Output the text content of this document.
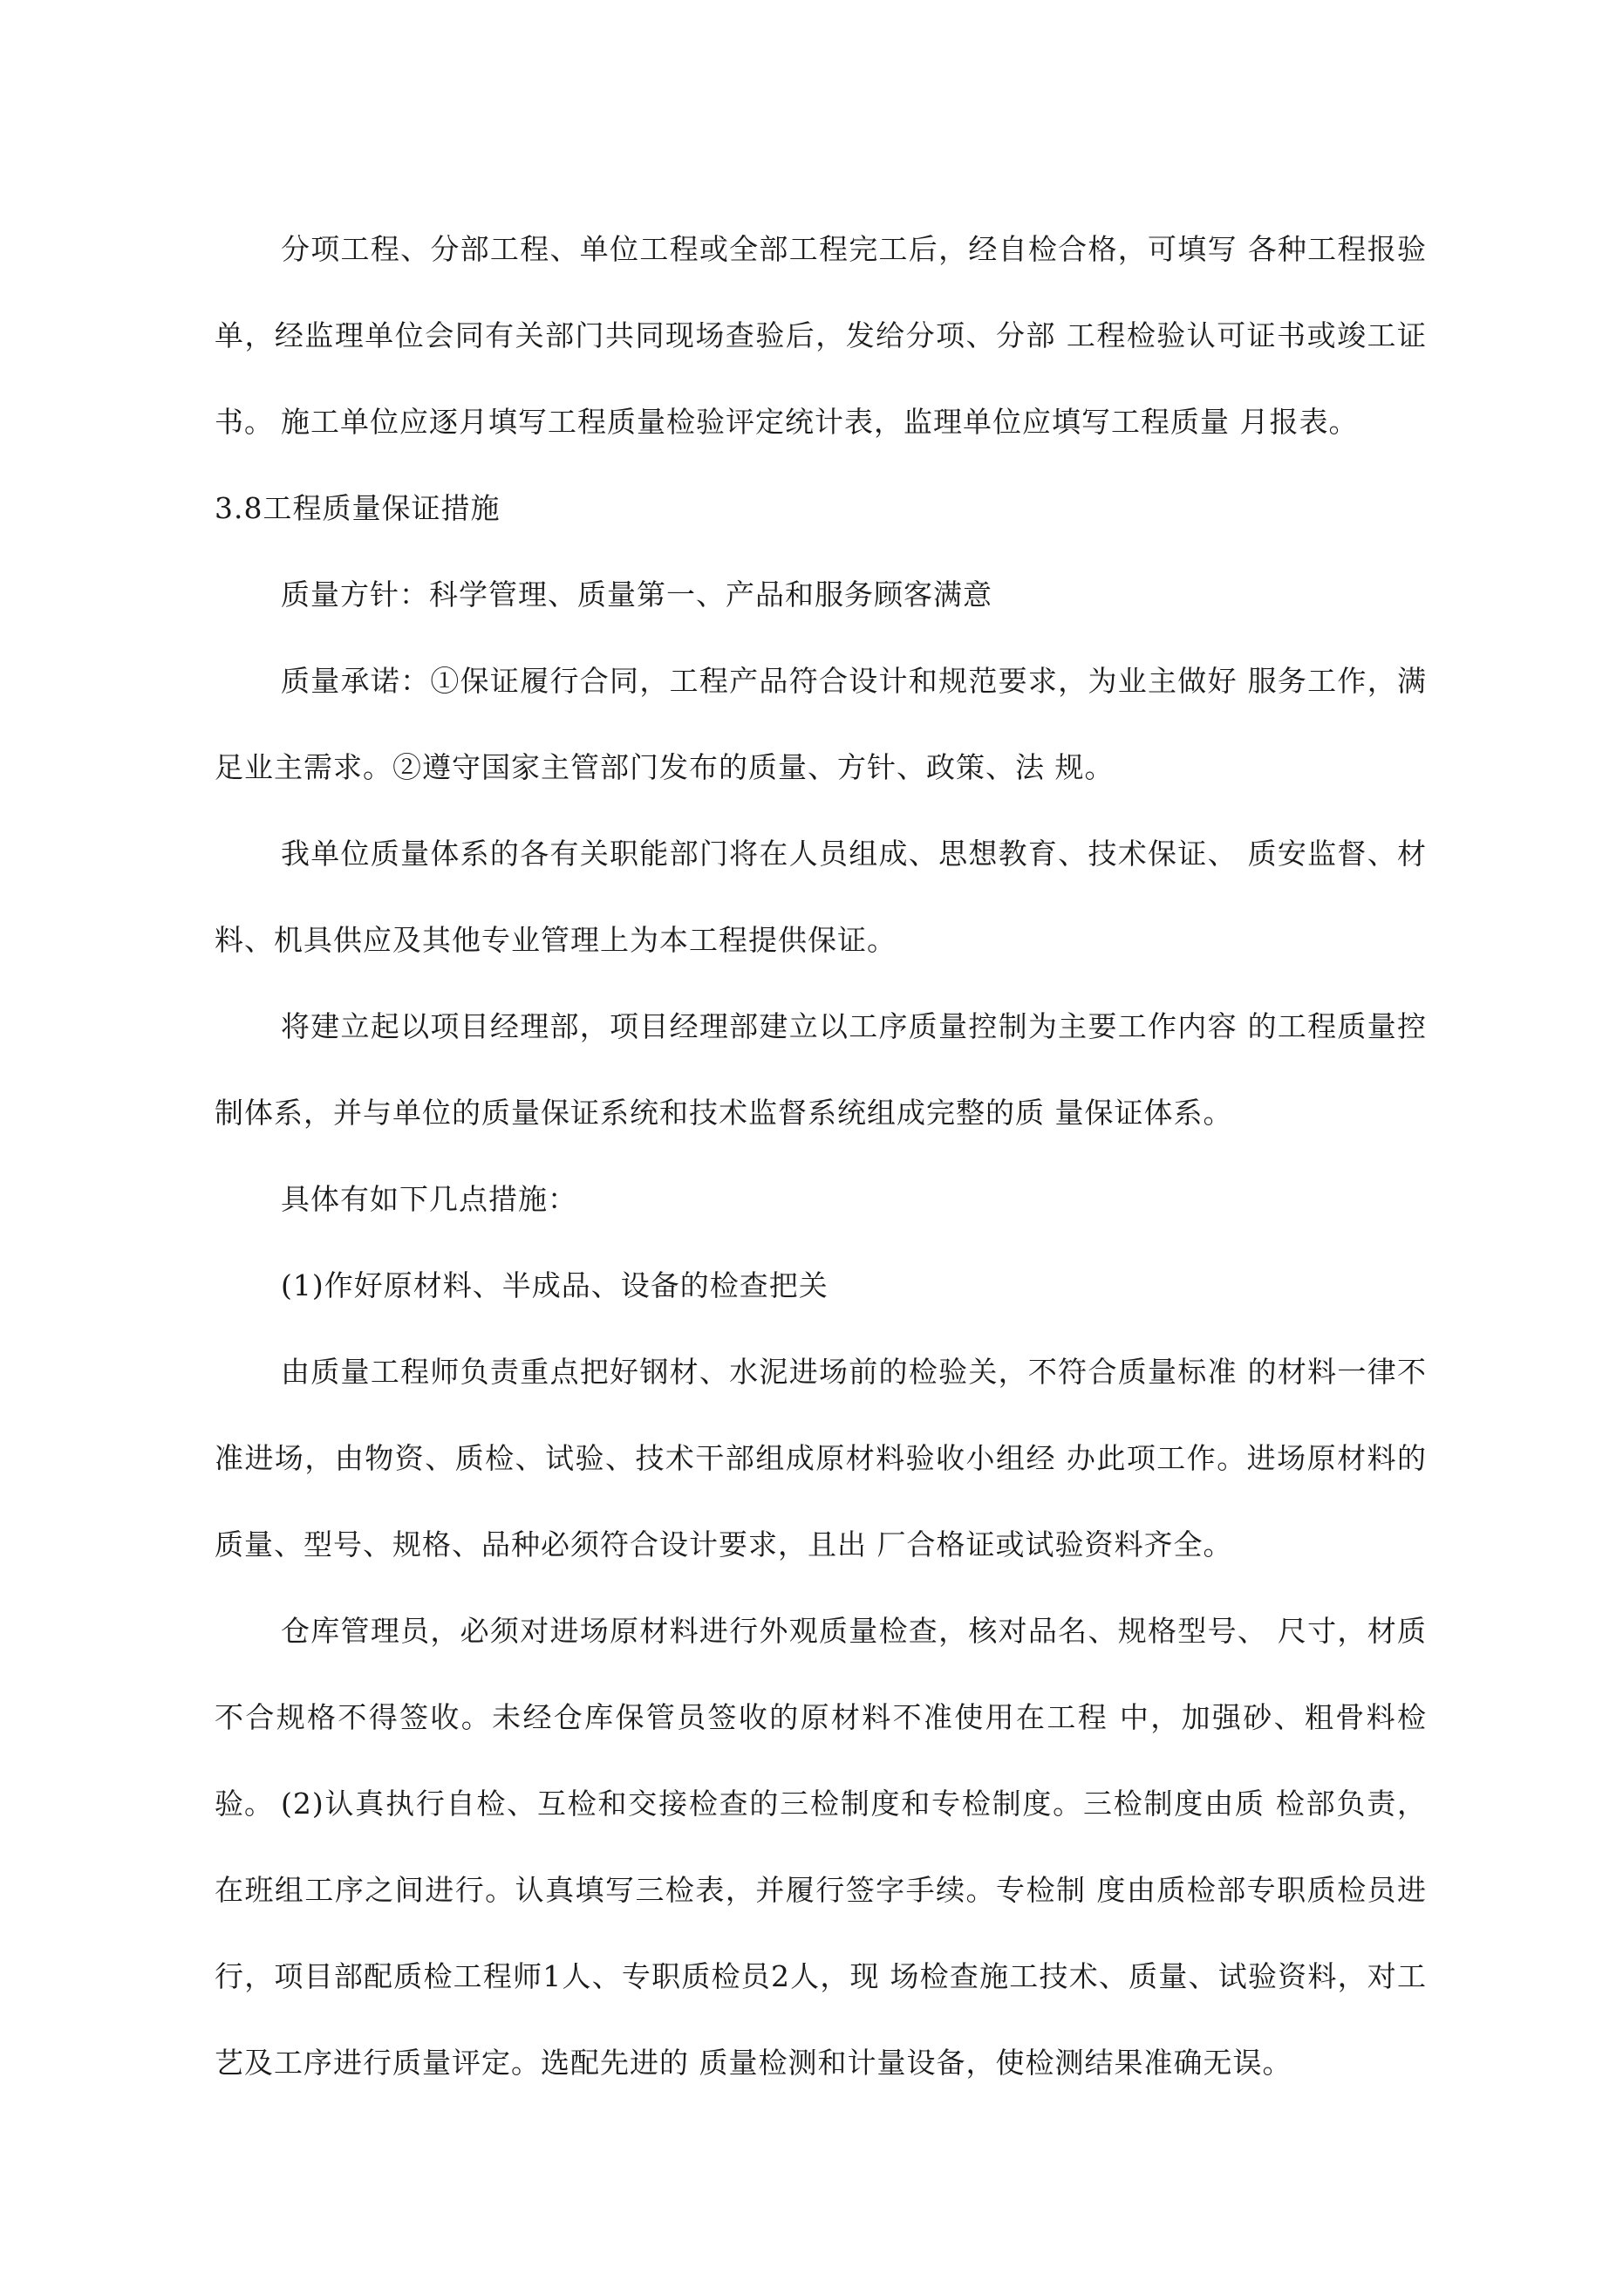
分项工程、分部工程、单位工程或全部工程完工后，经自检合格，可填写 各种工程报验单，经监理单位会同有关部门共同现场查验后，发给分项、分部 工程检验认可证书或竣工证书。 施工单位应逐月填写工程质量检验评定统计表，监理单位应填写工程质量 月报表。

3.8工程质量保证措施

质量方针：科学管理、质量第一、产品和服务顾客满意

质量承诺：①保证履行合同，工程产品符合设计和规范要求，为业主做好 服务工作，满足业主需求。②遵守国家主管部门发布的质量、方针、政策、法 规。

我单位质量体系的各有关职能部门将在人员组成、思想教育、技术保证、 质安监督、材料、机具供应及其他专业管理上为本工程提供保证。

将建立起以项目经理部，项目经理部建立以工序质量控制为主要工作内容 的工程质量控制体系，并与单位的质量保证系统和技术监督系统组成完整的质 量保证体系。

具体有如下几点措施：

(1)作好原材料、半成品、设备的检查把关

由质量工程师负责重点把好钢材、水泥进场前的检验关，不符合质量标准 的材料一律不准进场，由物资、质检、试验、技术干部组成原材料验收小组经 办此项工作。进场原材料的质量、型号、规格、品种必须符合设计要求，且出 厂合格证或试验资料齐全。

仓库管理员，必须对进场原材料进行外观质量检查，核对品名、规格型号、 尺寸，材质不合规格不得签收。未经仓库保管员签收的原材料不准使用在工程 中，加强砂、粗骨料检验。 (2)认真执行自检、互检和交接检查的三检制度和专检制度。三检制度由质 检部负责，在班组工序之间进行。认真填写三检表，并履行签字手续。专检制 度由质检部专职质检员进行，项目部配质检工程师1人、专职质检员2人，现 场检查施工技术、质量、试验资料，对工艺及工序进行质量评定。选配先进的 质量检测和计量设备，使检测结果准确无误。
